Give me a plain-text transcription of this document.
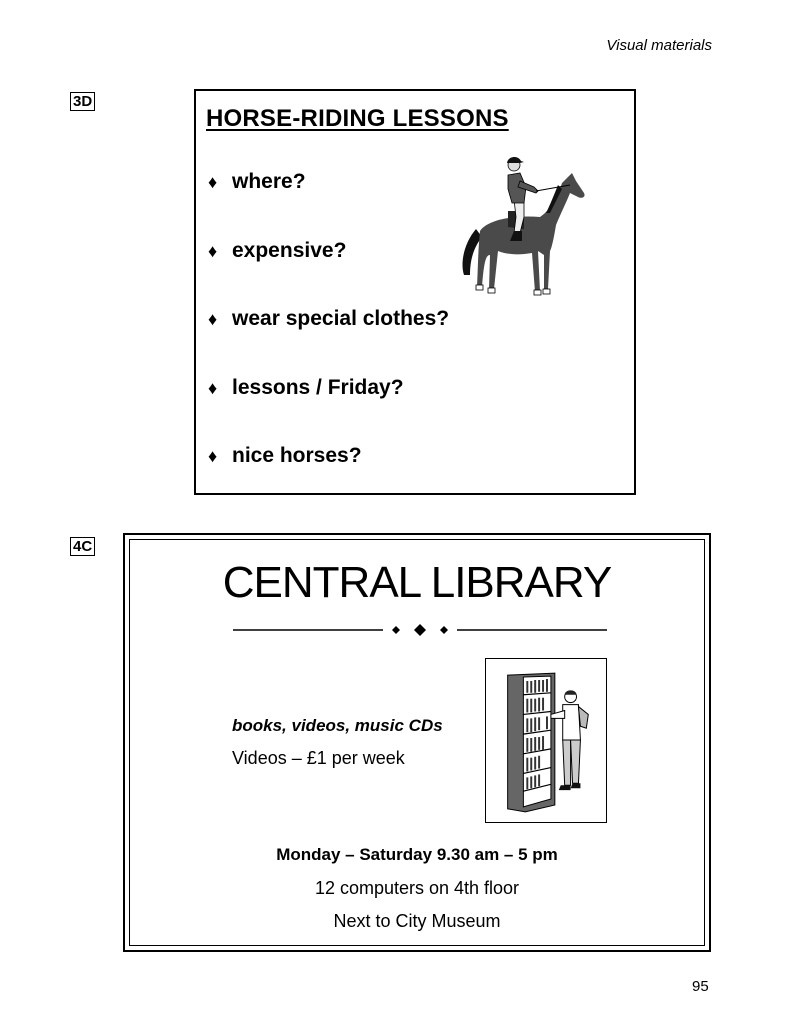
Visual materials
3D
HORSE-RIDING LESSONS
♦ where?
♦ expensive?
♦ wear special clothes?
♦ lessons / Friday?
♦ nice horses?
4C
CENTRAL LIBRARY
books, videos, music CDs
Videos – £1 per week
Monday – Saturday 9.30 am – 5 pm
12 computers on 4th floor
Next to City Museum
95
